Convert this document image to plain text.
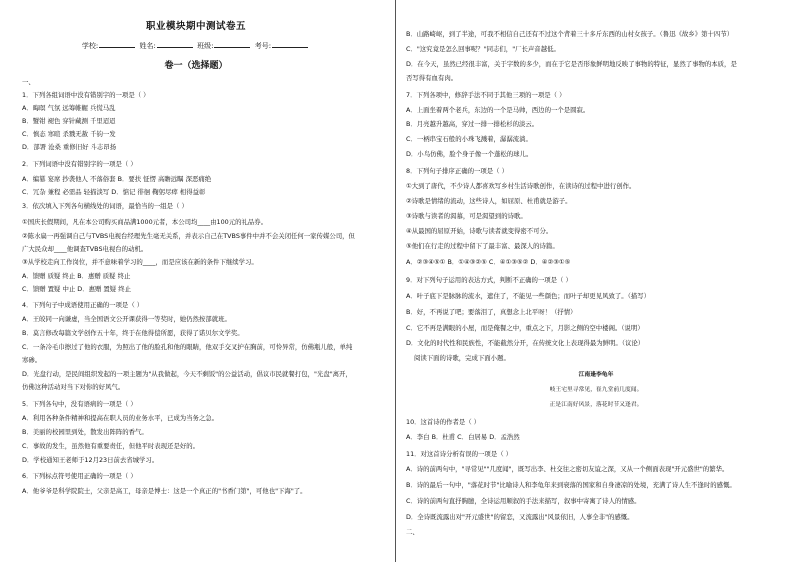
职业模块期中测试卷五
学校:	姓名:	班级:	考号:
卷一（选择题）
一、
1．下列各组词语中没有错别字的一项是（ ）
A．晦暝 气氛 远筹帷幄 兵慌马乱
B．蟹钳 褪色 穿针藏测 千里迢迢
C．慎态 寒暄 杀戮无赦 千钧一发
D．部署 沧桑 重修旧好 斗志昂扬
2．下列词语中没有错别字的一项是（ ）
A．编纂 宴席 抄袭他人 不落俗套 B．要扶 怔愣 高瞻远瞩 深恶痛绝
C．冗杂 兼程 必需品 轻描淡写 D．惦记 徘徊 鞠躬尽瘁 相得益彰
3．依次填入下列各句横线处的词语，最恰当的一组是（ ）
①国庆长假期间，凡在本公司购买商品满1000元者，本公司均____由100元的礼品券。
②陈水扁一再强调自己与TVBS电视台经理先生毫无关系，并表示自己在TVBS事件中并不会关闭任何一家传媒公司，但
广大民众却____他调查TVBS电视台的动机。
③从学校走向工作岗位，并不意味着学习的____，而是应该在新的条件下继续学习。
A．馈赠 质疑 终止 B．惠赠 质疑 终止
C．馈赠 置疑 中止 D．惠赠 置疑 终止
4．下列句子中成语使用正确的一项是（ ）
A．王皎同一向谦虚，当全国语文公开课获得一等奖时，她仍然按部就班。
B．莫言修改每篇文学创作五十年，终于在他得偿所愿，获得了诺贝尔文学奖。
C．一条冷毛巾擦过了他的衣服，为照出了他的脸孔和他的眼睛，他双手交叉护在胸前，可怜异常，仿佛瓶儿般，单纯
寒碜。
D．光盘行动，是民间组织发起的一项主题为"从我做起，今天不剩饭"的公益活动，倡议市民就餐打包，"光盘"离开，
仿佛这种活动对当下对你的好风气。
5．下列各句中，没有语病的一项是（ ）
A．利用各种条件精神和提高在职人员的业务水平，已成为当务之急。
B．美丽的校园里到处，散发出阵阵的香气。
C．事故的发生，虽然他有重要责任，但他平时表现还是好的。
D．学校通知王老师于12月23日前去省城学习。
6．下列标点符号使用正确的一项是（ ）
A．他爷爷是科学院院士，父亲是高工，母亲是博士：这是一个真正的"书香门第"，可他也"下海"了。
B．山路崎岖，到了半途，可我不相信自己还有不过这个背着三十多斤东西的山村女孩子。（鲁迅《故乡》第十四节）
C．"这究竟是怎么回事呢？"同志们，"厂长声音越低。
D．在今天，虽然已经很丰富，关于字数的多少，而在于它是否形象鲜明地反映了事物的特征，显然了事物的本质，是
否写得有血有肉。
7．下列各项中，修辞手法不同于其他三项的一项是（ ）
A．上面坐着两个老兵，东边的一个是马帅，西边的一个是圆寂。
B．月亮越升越高，穿过一排一排松杉的淡云。
C．一柄串宝石般的小珠飞溅着，潺潺流淌。
D．小鸟仿佛，脸个身子像一个蓬松的球儿。
8．下列句子排序正确的一项是（ ）
①大到了唐代，不少诗人都喜欢写乡村生活诗歌创作，在读诗的过程中进行创作。
②诗歌是情绪的流动，这些诗人，如屈原、杜甫就是游子。
③诗歌与读者的渴慕，可是渴望到的诗歌。
④从最国的屈原开始，诗歌与读者就变得密不可分。
⑤他们在行走的过程中留下了最丰富、最深人的诗篇。
A．②③④⑤① B．①④③②⑤ C．④①③⑤② D．④②③①⑤
9．对下列句子运用的表达方式，判断不正确的一项是（ ）
A．叶子底下是脉脉的流水，遮住了，不能见一些颜色；而叶子却更见风致了。（描写）
B．好，不再说了吧；要落泪了，真想念上北平呀！（抒情）
C．它不再是满眼的小屋，而是俺餐之中，重点之下，月影之侧的空中楼阁。（说明）
D．文化的时代性和民族性，不能截然分开，在传统文化上表现得最为鲜明。（议论）
阅读下面的诗歌，完成下面小题。
江南逢李龟年
岐王宅里寻常见，崔九堂前几度闻。
正是江南好风景，落花时节又逢君。
10．这首诗的作者是（ ）
A．李白 B．杜甫 C．白居易 D．孟浩然
11．对这首诗分析有误的一项是（ ）
A．诗的前两句中，"寻常见""几度闻"，既写出李、杜交往之密切友谊之深，又从一个侧面表现"开元盛世"的繁华。
B．诗的最后一句中，"落花时节"比喻诗人和李龟年来到衰落的国家和自身凄凉的处境，充满了诗人生不逢时的感慨。
C．诗的前两句直抒胸臆，全诗运用顺叙的手法来描写，叙事中寄寓了诗人的情感。
D．全诗既流露出对"开元盛世"的留恋，又流露出"风景依旧，人事全非"的感慨。
二、
